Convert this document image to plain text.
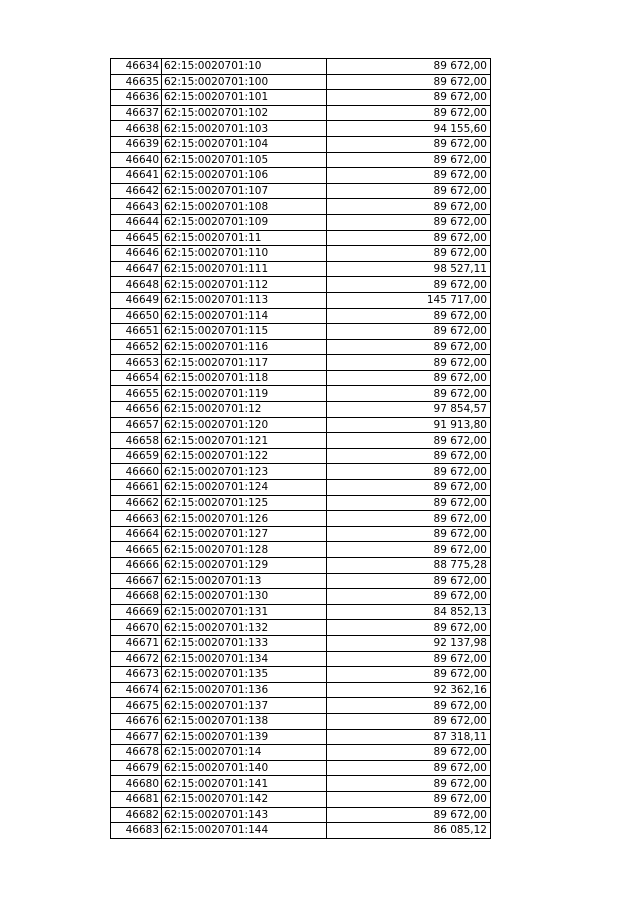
46634	62:15:0020701:10	89 672,00
46635	62:15:0020701:100	89 672,00
46636	62:15:0020701:101	89 672,00
46637	62:15:0020701:102	89 672,00
46638	62:15:0020701:103	94 155,60
46639	62:15:0020701:104	89 672,00
46640	62:15:0020701:105	89 672,00
46641	62:15:0020701:106	89 672,00
46642	62:15:0020701:107	89 672,00
46643	62:15:0020701:108	89 672,00
46644	62:15:0020701:109	89 672,00
46645	62:15:0020701:11	89 672,00
46646	62:15:0020701:110	89 672,00
46647	62:15:0020701:111	98 527,11
46648	62:15:0020701:112	89 672,00
46649	62:15:0020701:113	145 717,00
46650	62:15:0020701:114	89 672,00
46651	62:15:0020701:115	89 672,00
46652	62:15:0020701:116	89 672,00
46653	62:15:0020701:117	89 672,00
46654	62:15:0020701:118	89 672,00
46655	62:15:0020701:119	89 672,00
46656	62:15:0020701:12	97 854,57
46657	62:15:0020701:120	91 913,80
46658	62:15:0020701:121	89 672,00
46659	62:15:0020701:122	89 672,00
46660	62:15:0020701:123	89 672,00
46661	62:15:0020701:124	89 672,00
46662	62:15:0020701:125	89 672,00
46663	62:15:0020701:126	89 672,00
46664	62:15:0020701:127	89 672,00
46665	62:15:0020701:128	89 672,00
46666	62:15:0020701:129	88 775,28
46667	62:15:0020701:13	89 672,00
46668	62:15:0020701:130	89 672,00
46669	62:15:0020701:131	84 852,13
46670	62:15:0020701:132	89 672,00
46671	62:15:0020701:133	92 137,98
46672	62:15:0020701:134	89 672,00
46673	62:15:0020701:135	89 672,00
46674	62:15:0020701:136	92 362,16
46675	62:15:0020701:137	89 672,00
46676	62:15:0020701:138	89 672,00
46677	62:15:0020701:139	87 318,11
46678	62:15:0020701:14	89 672,00
46679	62:15:0020701:140	89 672,00
46680	62:15:0020701:141	89 672,00
46681	62:15:0020701:142	89 672,00
46682	62:15:0020701:143	89 672,00
46683	62:15:0020701:144	86 085,12
